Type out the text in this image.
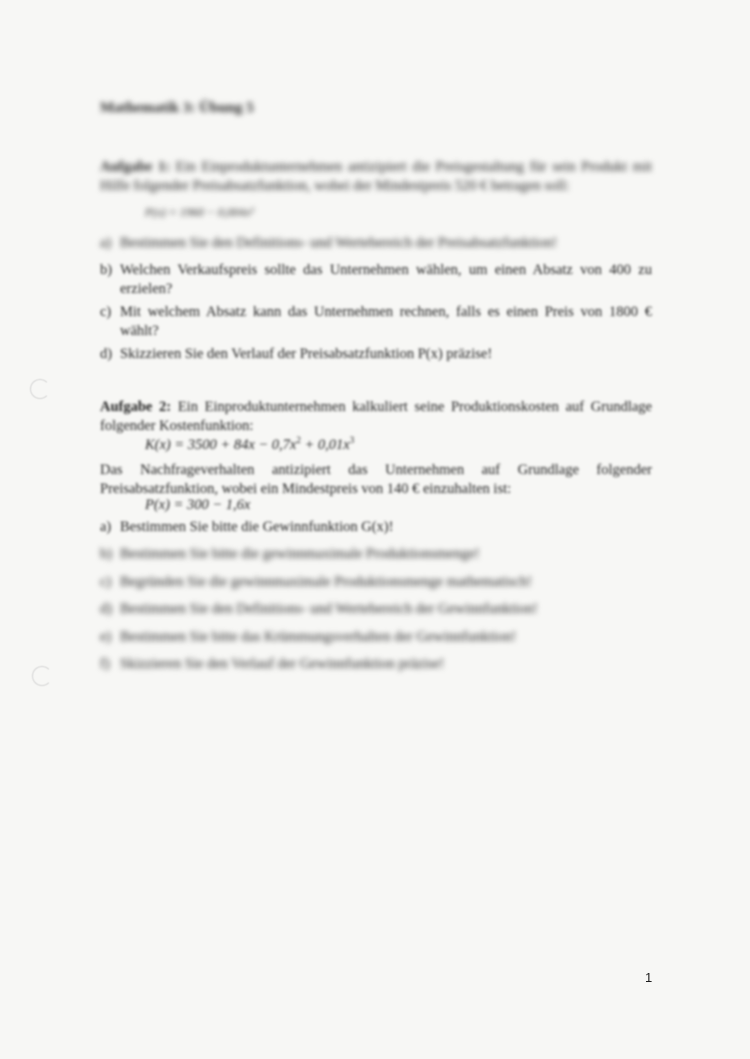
Mathematik 3: Übung 5
Aufgabe 1: Ein Einproduktunternehmen antizipiert die Preisgestaltung für sein Produkt mit Hilfe folgender Preisabsatzfunktion, wobei der Mindestpreis 520 € betragen soll:
P(x) = 1960 − 0,004x²
a) Bestimmen Sie den Definitions- und Wertebereich der Preisabsatzfunktion!
b) Welchen Verkaufspreis sollte das Unternehmen wählen, um einen Absatz von 400 zu erzielen?
c) Mit welchem Absatz kann das Unternehmen rechnen, falls es einen Preis von 1800 € wählt?
d) Skizzieren Sie den Verlauf der Preisabsatzfunktion P(x) präzise!
Aufgabe 2: Ein Einproduktunternehmen kalkuliert seine Produktionskosten auf Grundlage folgender Kostenfunktion:
$K(x) = 3500 + 84x - 0,7x^2 + 0,01x^3$
Das Nachfrageverhalten antizipiert das Unternehmen auf Grundlage folgender Preisabsatzfunktion, wobei ein Mindestpreis von 140 € einzuhalten ist:
P(x) = 300 − 1,6x
a) Bestimmen Sie bitte die Gewinnfunktion G(x)!
b) Bestimmen Sie bitte die gewinnmaximale Produktionsmenge!
c) Begründen Sie die gewinnmaximale Produktionsmenge mathematisch!
d) Bestimmen Sie den Definitions- und Wertebereich der Gewinnfunktion!
e) Bestimmen Sie bitte das Krümmungsverhalten der Gewinnfunktion!
f) Skizzieren Sie den Verlauf der Gewinnfunktion präzise!
1
